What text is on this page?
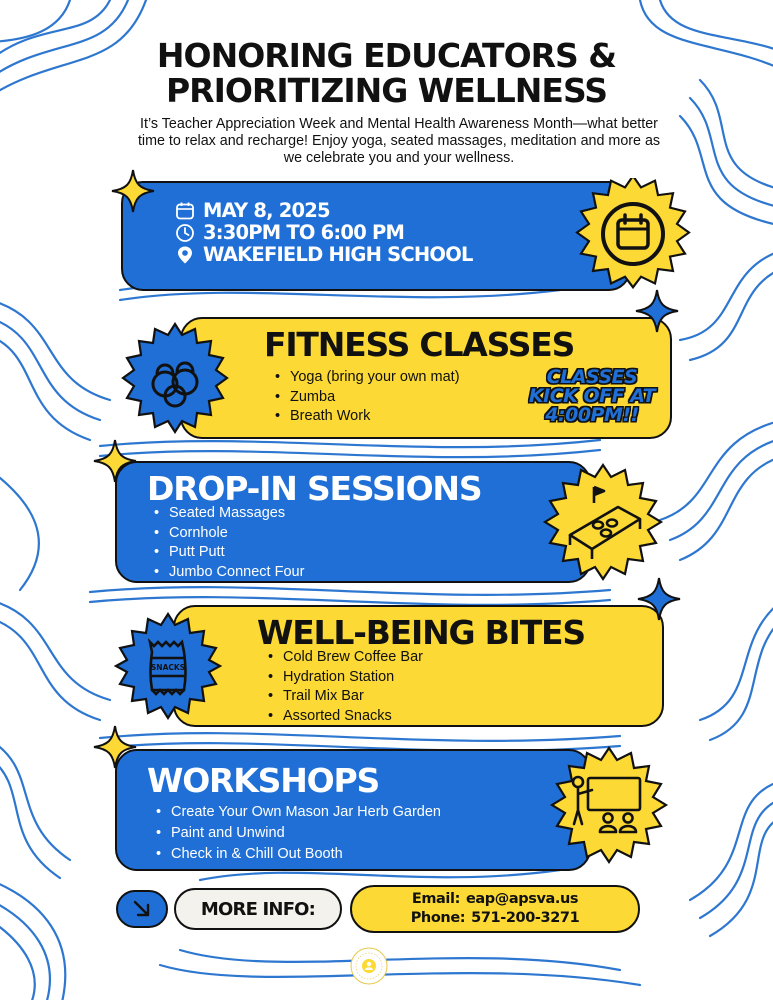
HONORING EDUCATORS &
PRIORITIZING WELLNESS
It’s Teacher Appreciation Week and Mental Health Awareness Month—what better
time to relax and recharge! Enjoy yoga, seated massages, meditation and more as
we celebrate you and your wellness.
MAY 8, 2025
3:30PM TO 6:00 PM
WAKEFIELD HIGH SCHOOL
FITNESS CLASSES
• Yoga (bring your own mat)
• Zumba
• Breath Work
CLASSES
KICK OFF AT
4:00PM!!
DROP-IN SESSIONS
• Seated Massages
• Cornhole
• Putt Putt
• Jumbo Connect Four
WELL-BEING BITES
• Cold Brew Coffee Bar
• Hydration Station
• Trail Mix Bar
• Assorted Snacks
SNACKS
WORKSHOPS
• Create Your Own Mason Jar Herb Garden
• Paint and Unwind
• Check in & Chill Out Booth
MORE INFO:	Email: eap@apsva.us
Phone: 571-200-3271
